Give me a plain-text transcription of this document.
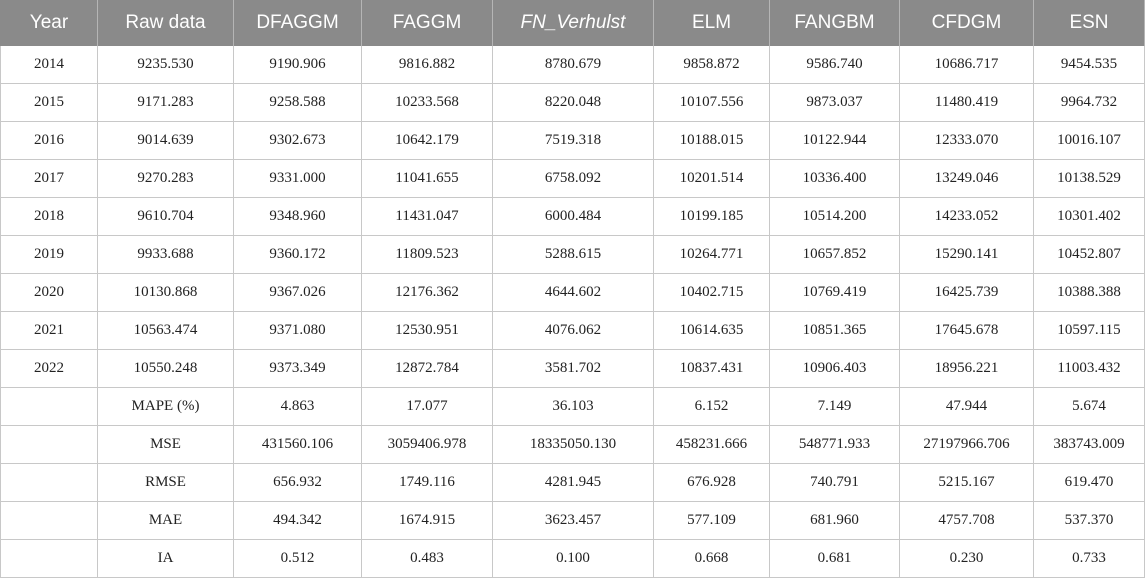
Year	Raw data	DFAGGM	FAGGM	FN_Verhulst	ELM	FANGBM	CFDGM	ESN
2014	9235.530	9190.906	9816.882	8780.679	9858.872	9586.740	10686.717	9454.535
2015	9171.283	9258.588	10233.568	8220.048	10107.556	9873.037	11480.419	9964.732
2016	9014.639	9302.673	10642.179	7519.318	10188.015	10122.944	12333.070	10016.107
2017	9270.283	9331.000	11041.655	6758.092	10201.514	10336.400	13249.046	10138.529
2018	9610.704	9348.960	11431.047	6000.484	10199.185	10514.200	14233.052	10301.402
2019	9933.688	9360.172	11809.523	5288.615	10264.771	10657.852	15290.141	10452.807
2020	10130.868	9367.026	12176.362	4644.602	10402.715	10769.419	16425.739	10388.388
2021	10563.474	9371.080	12530.951	4076.062	10614.635	10851.365	17645.678	10597.115
2022	10550.248	9373.349	12872.784	3581.702	10837.431	10906.403	18956.221	11003.432
	MAPE (%)	4.863	17.077	36.103	6.152	7.149	47.944	5.674
	MSE	431560.106	3059406.978	18335050.130	458231.666	548771.933	27197966.706	383743.009
	RMSE	656.932	1749.116	4281.945	676.928	740.791	5215.167	619.470
	MAE	494.342	1674.915	3623.457	577.109	681.960	4757.708	537.370
	IA	0.512	0.483	0.100	0.668	0.681	0.230	0.733
